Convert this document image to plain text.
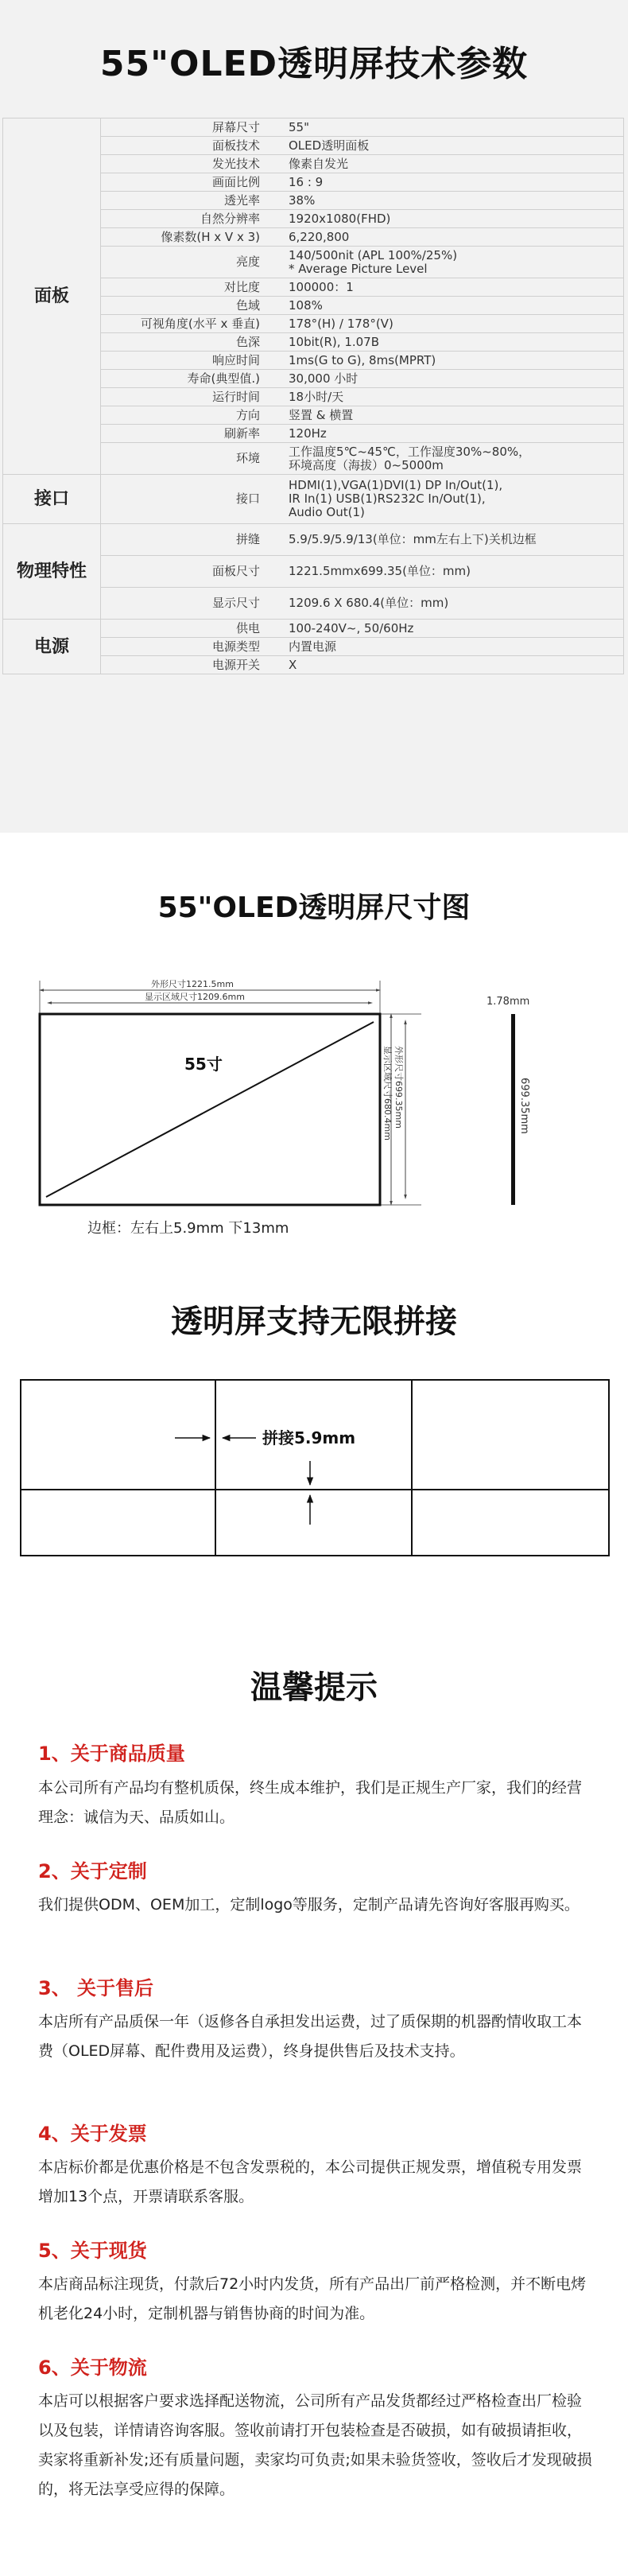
55"OLED透明屏技术参数
面板	屏幕尺寸	55"

	面板技术	OLED透明面板

	发光技术	像素自发光

	画面比例	16 : 9

	透光率	38%

	自然分辨率	1920x1080(FHD)

	像素数(H x V x 3)	6,220,800

	亮度	140/500nit (APL 100%/25%)
* Average Picture Level

	对比度	100000：1

	色域	108%

	可视角度(水平 x 垂直)	178°(H) / 178°(V)

	色深	10bit(R), 1.07B

	响应时间	1ms(G to G), 8ms(MPRT)

	寿命(典型值.)	30,000 小时

	运行时间	18小时/天

	方向	竖置 & 横置

	刷新率	120Hz

	环境	工作温度5℃~45℃，工作湿度30%~80%，
环境高度（海拔）0~5000m

接口	接口	HDMI(1),VGA(1)DVI(1) DP In/Out(1),
IR In(1) USB(1)RS232C In/Out(1),
Audio Out(1)

物理特性	拼缝	5.9/5.9/5.9/13(单位：mm左右上下)关机边框

	面板尺寸	1221.5mmx699.35(单位：mm)

	显示尺寸	1209.6 X 680.4(单位：mm)

电源	供电	100-240V~, 50/60Hz

	电源类型	内置电源

	电源开关	X
55"OLED透明屏尺寸图
外形尺寸1221.5mm
显示区域尺寸1209.6mm
55寸	外形尺寸699.35mm
显示区域尺寸680.4mm
1.78mm
699.35mm
边框：左右上5.9mm 下13mm
透明屏支持无限拼接
拼接5.9mm
温馨提示
1、关于商品质量
本公司所有产品均有整机质保，终生成本维护，我们是正规生产厂家，我们的经营理念：诚信为天、品质如山。
2、关于定制
我们提供ODM、OEM加工，定制logo等服务，定制产品请先咨询好客服再购买。
3、 关于售后
本店所有产品质保一年（返修各自承担发出运费，过了质保期的机器酌情收取工本费（OLED屏幕、配件费用及运费），终身提供售后及技术支持。
4、关于发票
本店标价都是优惠价格是不包含发票税的，本公司提供正规发票，增值税专用发票增加13个点，开票请联系客服。
5、关于现货
本店商品标注现货，付款后72小时内发货，所有产品出厂前严格检测，并不断电烤机老化24小时，定制机器与销售协商的时间为准。
6、关于物流
本店可以根据客户要求选择配送物流，公司所有产品发货都经过严格检查出厂检验以及包装，详情请咨询客服。签收前请打开包装检查是否破损，如有破损请拒收，卖家将重新补发;还有质量问题，卖家均可负责;如果未验货签收，签收后才发现破损的，将无法享受应得的保障。
